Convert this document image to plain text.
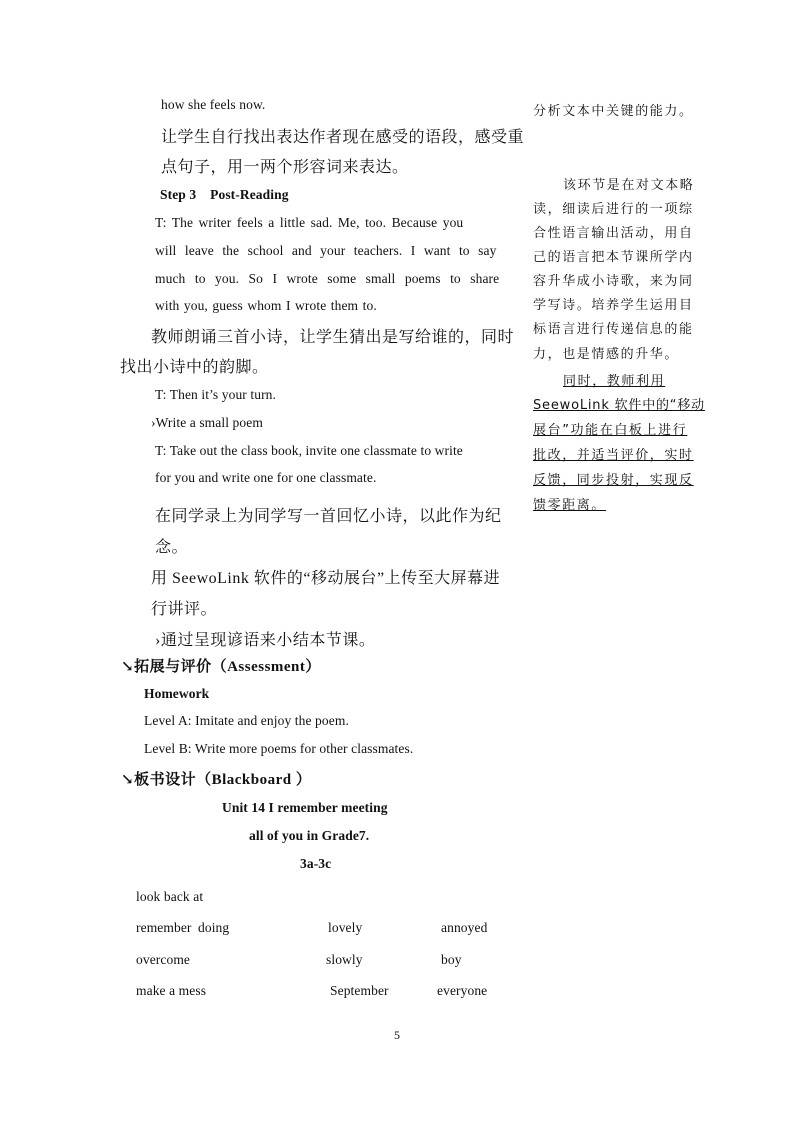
how she feels now.
让学生自行找出表达作者现在感受的语段，感受重
点句子，用一两个形容词来表达。
Step 3    Post-Reading
T: The writer feels a little sad. Me, too. Because you
will leave the school and your teachers. I want to say
much to you. So I wrote some small poems to share
with you, guess whom I wrote them to.
教师朗诵三首小诗，让学生猜出是写给谁的，同时
找出小诗中的韵脚。
T: Then it’s your turn.
›Write a small poem
T: Take out the class book, invite one classmate to write
for you and write one for one classmate.
在同学录上为同学写一首回忆小诗，以此作为纪
念。
用 SeewoLink 软件的“移动展台”上传至大屏幕进
行讲评。
›通过呈现谚语来小结本节课。
↘拓展与评价（Assessment）
Homework
Level A: Imitate and enjoy the poem.
Level B: Write more poems for other classmates.
↘板书设计（Blackboard ）
Unit 14 I remember meeting
all of you in Grade7.
3a-3c
look back at
remember doing	lovely	annoyed
overcome	slowly	boy
make a mess	September	everyone
分析文本中关键的能力。
该环节是在对文本略
读，细读后进行的一项综
合性语言输出活动，用自
己的语言把本节课所学内
容升华成小诗歌，来为同
学写诗。培养学生运用目
标语言进行传递信息的能
力，也是情感的升华。
同时，教师利用
SeewoLink 软件中的“移动
展台”功能在白板上进行
批改，并适当评价，实时
反馈，同步投射，实现反
馈零距离。
5
